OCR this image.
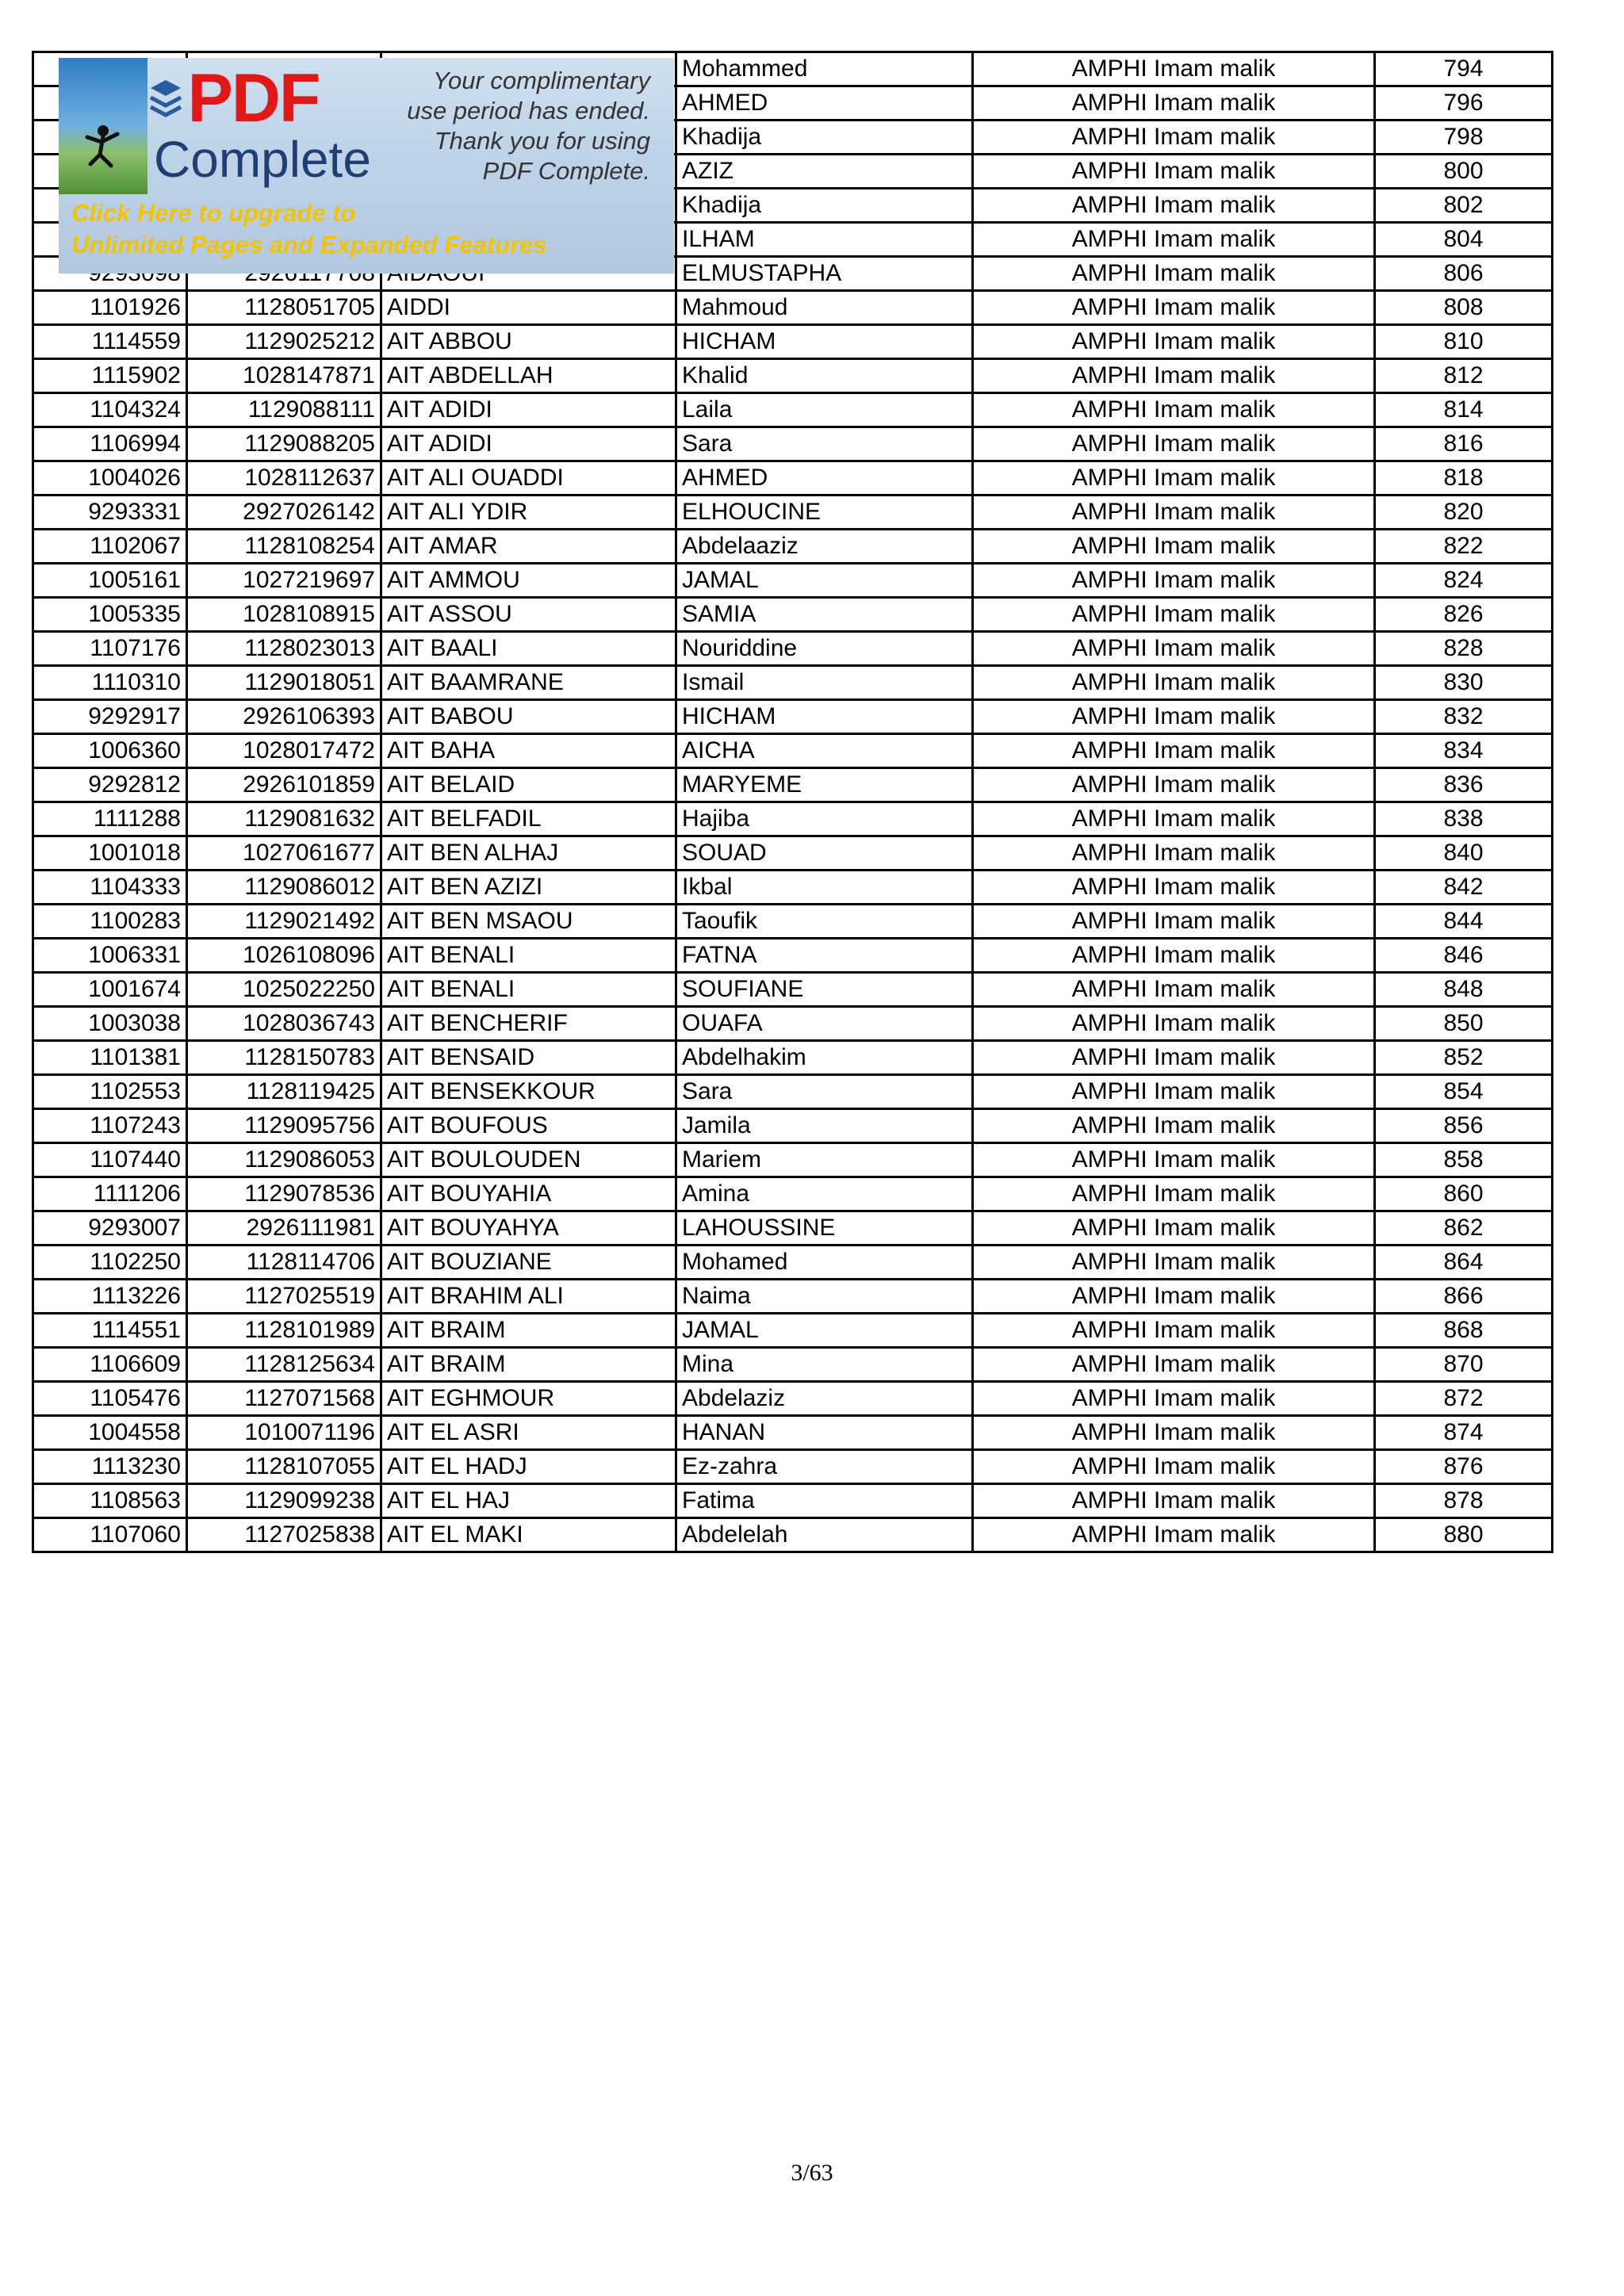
			Mohammed	AMPHI Imam malik	794
			AHMED	AMPHI Imam malik	796
			Khadija	AMPHI Imam malik	798
			AZIZ	AMPHI Imam malik	800
			Khadija	AMPHI Imam malik	802
			ILHAM	AMPHI Imam malik	804
			ELMUSTAPHA	AMPHI Imam malik	806
1101926	1128051705	AIDDI	Mahmoud	AMPHI Imam malik	808
1114559	1129025212	AIT ABBOU	HICHAM	AMPHI Imam malik	810
1115902	1028147871	AIT ABDELLAH	Khalid	AMPHI Imam malik	812
1104324	1129088111	AIT ADIDI	Laila	AMPHI Imam malik	814
1106994	1129088205	AIT ADIDI	Sara	AMPHI Imam malik	816
1004026	1028112637	AIT ALI OUADDI	AHMED	AMPHI Imam malik	818
9293331	2927026142	AIT ALI YDIR	ELHOUCINE	AMPHI Imam malik	820
1102067	1128108254	AIT AMAR	Abdelaaziz	AMPHI Imam malik	822
1005161	1027219697	AIT AMMOU	JAMAL	AMPHI Imam malik	824
1005335	1028108915	AIT ASSOU	SAMIA	AMPHI Imam malik	826
1107176	1128023013	AIT BAALI	Nouriddine	AMPHI Imam malik	828
1110310	1129018051	AIT BAAMRANE	Ismail	AMPHI Imam malik	830
9292917	2926106393	AIT BABOU	HICHAM	AMPHI Imam malik	832
1006360	1028017472	AIT BAHA	AICHA	AMPHI Imam malik	834
9292812	2926101859	AIT BELAID	MARYEME	AMPHI Imam malik	836
1111288	1129081632	AIT BELFADIL	Hajiba	AMPHI Imam malik	838
1001018	1027061677	AIT BEN ALHAJ	SOUAD	AMPHI Imam malik	840
1104333	1129086012	AIT BEN AZIZI	Ikbal	AMPHI Imam malik	842
1100283	1129021492	AIT BEN MSAOU	Taoufik	AMPHI Imam malik	844
1006331	1026108096	AIT BENALI	FATNA	AMPHI Imam malik	846
1001674	1025022250	AIT BENALI	SOUFIANE	AMPHI Imam malik	848
1003038	1028036743	AIT BENCHERIF	OUAFA	AMPHI Imam malik	850
1101381	1128150783	AIT BENSAID	Abdelhakim	AMPHI Imam malik	852
1102553	1128119425	AIT BENSEKKOUR	Sara	AMPHI Imam malik	854
1107243	1129095756	AIT BOUFOUS	Jamila	AMPHI Imam malik	856
1107440	1129086053	AIT BOULOUDEN	Mariem	AMPHI Imam malik	858
1111206	1129078536	AIT BOUYAHIA	Amina	AMPHI Imam malik	860
9293007	2926111981	AIT BOUYAHYA	LAHOUSSINE	AMPHI Imam malik	862
1102250	1128114706	AIT BOUZIANE	Mohamed	AMPHI Imam malik	864
1113226	1127025519	AIT BRAHIM ALI	Naima	AMPHI Imam malik	866
1114551	1128101989	AIT BRAIM	JAMAL	AMPHI Imam malik	868
1106609	1128125634	AIT BRAIM	Mina	AMPHI Imam malik	870
1105476	1127071568	AIT EGHMOUR	Abdelaziz	AMPHI Imam malik	872
1004558	1010071196	AIT EL ASRI	HANAN	AMPHI Imam malik	874
1113230	1128107055	AIT EL HADJ	Ez-zahra	AMPHI Imam malik	876
1108563	1129099238	AIT EL HAJ	Fatima	AMPHI Imam malik	878
1107060	1127025838	AIT EL MAKI	Abdelelah	AMPHI Imam malik	880
PDF
Complete
Your complimentary
use period has ended.
Thank you for using
PDF Complete.
Click Here to upgrade to
Unlimited Pages and Expanded Features
3/63
